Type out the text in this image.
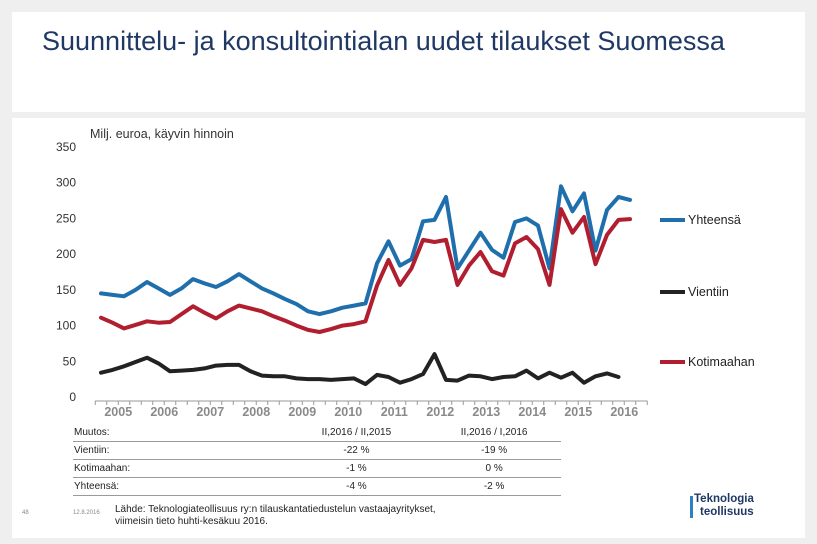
Suunnittelu- ja konsultointialan uudet tilaukset Suomessa
0
50
100
150
200
250
300
350
2005 2006 2007 2008 2009 2010 2011 2012 2013 2014 2015 2016
Milj. euroa, käyvin hinnoin
Yhteensä
Vientiin
Kotimaahan
Muutos:	II,2016 / II,2015	II,2016 / I,2016
Vientiin:	-22 %	-19 %
Kotimaahan:	-1 %	0 %
Yhteensä:	-4 %	-2 %
48	12.8.2016 Lähde: Teknologiateollisuus ry:n tilauskantatiedustelun vastaajayritykset,
viimeisin tieto huhti-kesäkuu 2016.
Teknologia
teollisuus
